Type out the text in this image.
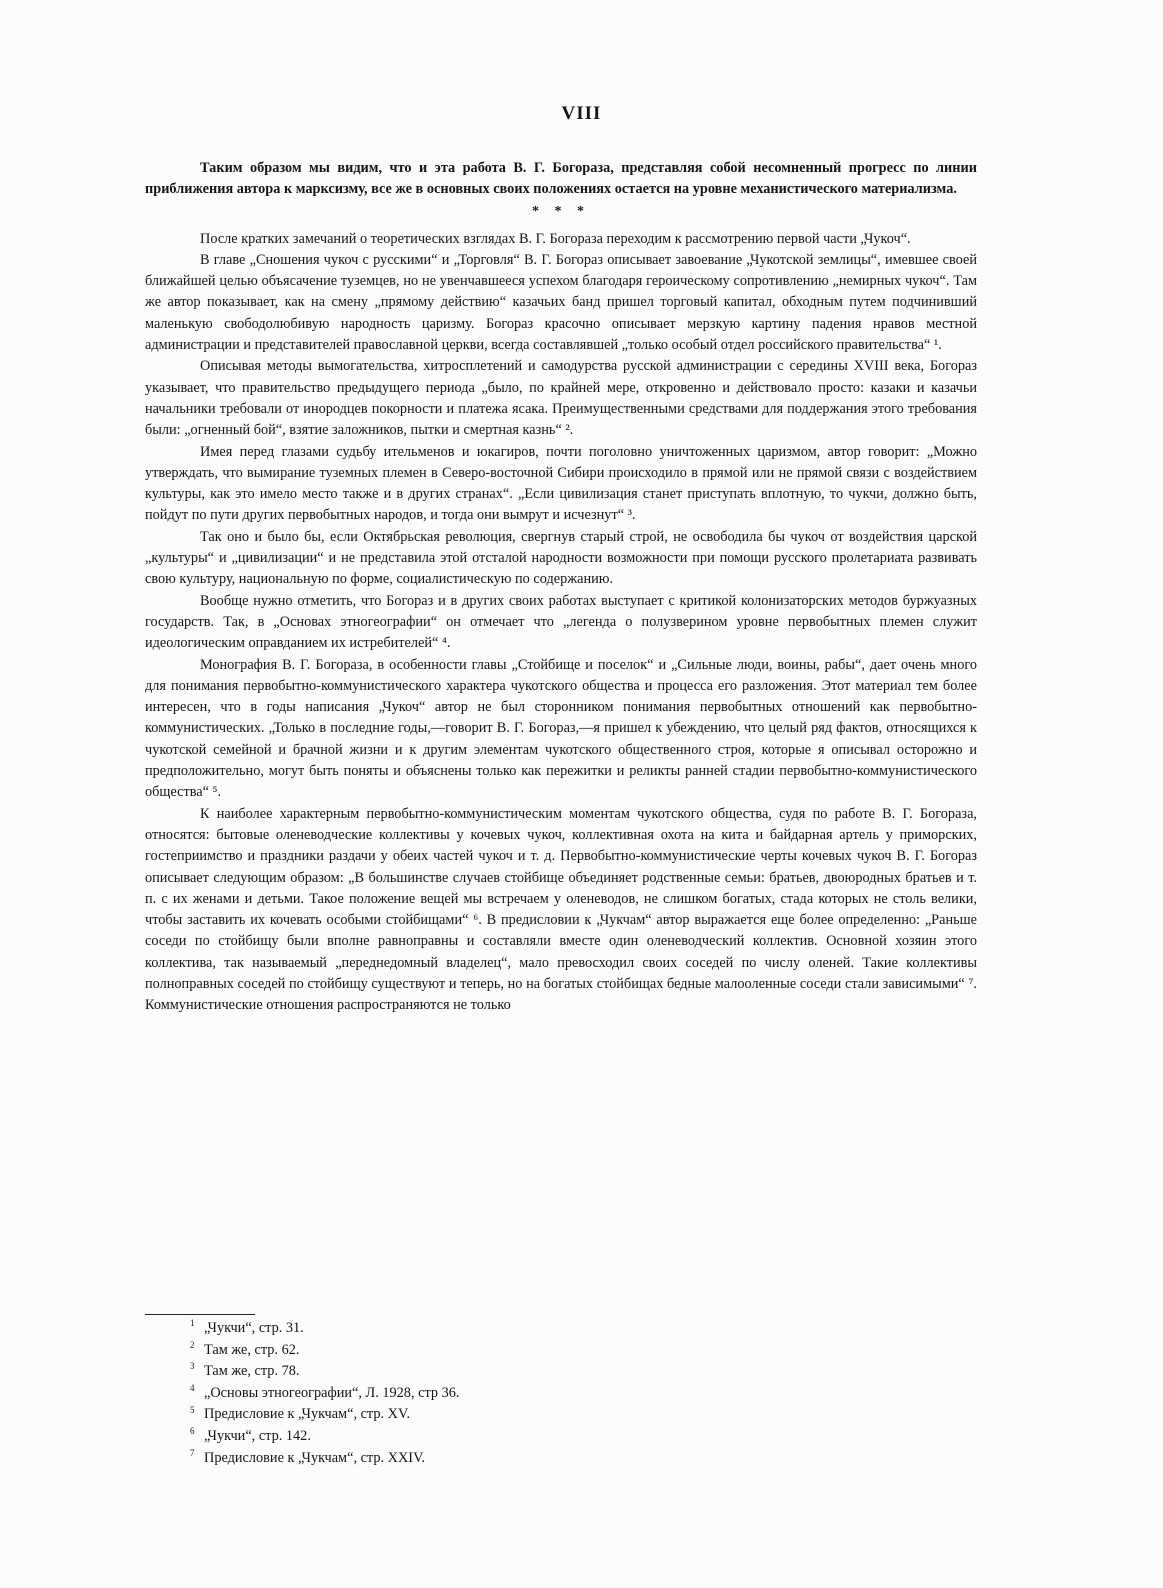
VIII

Таким образом мы видим, что и эта работа В. Г. Богораза, представляя собой несомненный прогресс по линии приближения автора к марксизму, все же в основных своих положениях остается на уровне механистического материализма.

* * *

После кратких замечаний о теоретических взглядах В. Г. Богораза переходим к рассмотрению первой части „Чукоч“.

В главе „Сношения чукоч с русскими“ и „Торговля“ В. Г. Богораз описывает завоевание „Чукотской землицы“, имевшее своей ближайшей целью объясачение туземцев, но не увенчавшееся успехом благодаря героическому сопротивлению „немирных чукоч“. Там же автор показывает, как на смену „прямому действию“ казачьих банд пришел торговый капитал, обходным путем подчинивший маленькую свободолюбивую народность царизму. Богораз красочно описывает мерзкую картину падения нравов местной администрации и представителей православной церкви, всегда составлявшей „только особый отдел российского правительства“ ¹.

Описывая методы вымогательства, хитросплетений и самодурства русской администрации с середины XVIII века, Богораз указывает, что правительство предыдущего периода „было, по крайней мере, откровенно и действовало просто: казаки и казачьи начальники требовали от инородцев покорности и платежа ясака. Преимущественными средствами для поддержания этого требования были: „огненный бой“, взятие заложников, пытки и смертная казнь“ ².

Имея перед глазами судьбу ительменов и юкагиров, почти поголовно уничтоженных царизмом, автор говорит: „Можно утверждать, что вымирание туземных племен в Северо-восточной Сибири происходило в прямой или не прямой связи с воздействием культуры, как это имело место также и в других странах“. „Если цивилизация станет приступать вплотную, то чукчи, должно быть, пойдут по пути других первобытных народов, и тогда они вымрут и исчезнут“ ³.

Так оно и было бы, если Октябрьская революция, свергнув старый строй, не освободила бы чукоч от воздействия царской „культуры“ и „цивилизации“ и не представила этой отсталой народности возможности при помощи русского пролетариата развивать свою культуру, национальную по форме, социалистическую по содержанию.

Вообще нужно отметить, что Богораз и в других своих работах выступает с критикой колонизаторских методов буржуазных государств. Так, в „Основах этногеографии“ он отмечает что „легенда о полузверином уровне первобытных племен служит идеологическим оправданием их истребителей“ ⁴.

Монография В. Г. Богораза, в особенности главы „Стойбище и поселок“ и „Сильные люди, воины, рабы“, дает очень много для понимания первобытно-коммунистического характера чукотского общества и процесса его разложения. Этот материал тем более интересен, что в годы написания „Чукоч“ автор не был сторонником понимания первобытных отношений как первобытно-коммунистических. „Только в последние годы,—говорит В. Г. Богораз,—я пришел к убеждению, что целый ряд фактов, относящихся к чукотской семейной и брачной жизни и к другим элементам чукотского общественного строя, которые я описывал осторожно и предположительно, могут быть поняты и объяснены только как пережитки и реликты ранней стадии первобытно-коммунистического общества“ ⁵.

К наиболее характерным первобытно-коммунистическим моментам чукотского общества, судя по работе В. Г. Богораза, относятся: бытовые оленеводческие коллективы у кочевых чукоч, коллективная охота на кита и байдарная артель у приморских, гостеприимство и праздники раздачи у обеих частей чукоч и т. д. Первобытно-коммунистические черты кочевых чукоч В. Г. Богораз описывает следующим образом: „В большинстве случаев стойбище объединяет родственные семьи: братьев, двоюродных братьев и т. п. с их женами и детьми. Такое положение вещей мы встречаем у оленеводов, не слишком богатых, стада которых не столь велики, чтобы заставить их кочевать особыми стойбищами“ ⁶. В предисловии к „Чукчам“ автор выражается еще более определенно: „Раньше соседи по стойбищу были вполне равноправны и составляли вместе один оленеводческий коллектив. Основной хозяин этого коллектива, так называемый „переднедомный владелец“, мало превосходил своих соседей по числу оленей. Такие коллективы полноправных соседей по стойбищу существуют и теперь, но на богатых стойбищах бедные малооленные соседи стали зависимыми“ ⁷. Коммунистические отношения распространяются не только

1 „Чукчи“, стр. 31.
2 Там же, стр. 62.
3 Там же, стр. 78.
4 „Основы этногеографии“, Л. 1928, стр 36.
5 Предисловие к „Чукчам“, стр. XV.
6 „Чукчи“, стр. 142.
7 Предисловие к „Чукчам“, стр. XXIV.
